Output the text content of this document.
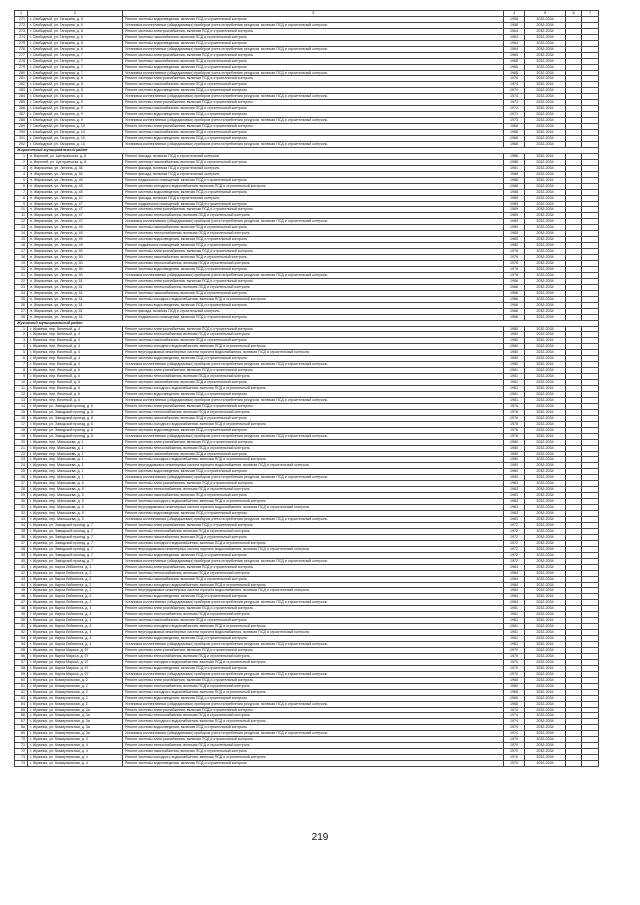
1	2	3	4	5	6	7
271	г. Свободный, ул. Гагарина, д. 5	Ремонт системы водоотведения, включая ПСД и строительный контроль	1958	2032-2034		
272	г. Свободный, ул. Гагарина, д. 5	Установка коллективных (общедомовых) приборов учета потребления ресурсов, включая ПСД и строительный контроль	1958	2032-2034		
273	г. Свободный, ул. Гагарина, д. 6	Ремонт системы электроснабжения, включая ПСД и строительный контроль	1964	2032-2034		
274	г. Свободный, ул. Гагарина, д. 6	Ремонт системы газоснабжения, включая ПСД и строительный контроль	1964	2032-2034		
275	г. Свободный, ул. Гагарина, д. 6	Ремонт системы водоотведения, включая ПСД и строительный контроль	1964	2032-2034		
276	г. Свободный, ул. Гагарина, д. 6	Установка коллективных (общедомовых) приборов учета потребления ресурсов, включая ПСД и строительный контроль	1964	2032-2034		
277	г. Свободный, ул. Гагарина, д. 7	Ремонт системы электроснабжения, включая ПСД и строительный контроль	1965	2032-2034		
278	г. Свободный, ул. Гагарина, д. 7	Ремонт системы газоснабжения, включая ПСД и строительный контроль	1965	2032-2034		
279	г. Свободный, ул. Гагарина, д. 7	Ремонт системы водоотведения, включая ПСД и строительный контроль	1965	2032-2034		
280	г. Свободный, ул. Гагарина, д. 7	Установка коллективных (общедомовых) приборов учета потребления ресурсов, включая ПСД и строительный контроль	1965	2032-2034		
281	г. Свободный, ул. Гагарина, д. 8	Ремонт системы электроснабжения, включая ПСД и строительный контроль	1974	2032-2034		
282	г. Свободный, ул. Гагарина, д. 8	Ремонт системы газоснабжения, включая ПСД и строительный контроль	1974	2032-2034		
283	г. Свободный, ул. Гагарина, д. 8	Ремонт системы водоотведения, включая ПСД и строительный контроль	1974	2032-2034		
284	г. Свободный, ул. Гагарина, д. 8	Установка коллективных (общедомовых) приборов учета потребления ресурсов, включая ПСД и строительный контроль	1974	2032-2034		
285	г. Свободный, ул. Гагарина, д. 9	Ремонт системы электроснабжения, включая ПСД и строительный контроль	1973	2032-2034		
286	г. Свободный, ул. Гагарина, д. 9	Ремонт системы газоснабжения, включая ПСД и строительный контроль	1973	2032-2034		
287	г. Свободный, ул. Гагарина, д. 9	Ремонт системы водоотведения, включая ПСД и строительный контроль	1973	2032-2034		
288	г. Свободный, ул. Гагарина, д. 9	Установка коллективных (общедомовых) приборов учета потребления ресурсов, включая ПСД и строительный контроль	1973	2032-2034		
289	г. Свободный, ул. Гагарина, д. 10	Ремонт системы электроснабжения, включая ПСД и строительный контроль	1968	2032-2034		
290	г. Свободный, ул. Гагарина, д. 10	Ремонт системы газоснабжения, включая ПСД и строительный контроль	1968	2032-2034		
291	г. Свободный, ул. Гагарина, д. 10	Ремонт системы водоотведения, включая ПСД и строительный контроль	1968	2032-2034		
292	г. Свободный, ул. Гагарина, д. 10	Установка коллективных (общедомовых) приборов учета потребления ресурсов, включая ПСД и строительный контроль	1968	2032-2034		
Жирякинский муниципальный район						
1	п. Верхний, ул. Центральная, д. 8	Ремонт фасада, включая ПСД и строительный контроль	1986	2032-2034		
2	п. Верхний, ул. Центральная, д. 8	Ремонт системы газоснабжения, включая ПСД и строительный контроль	1986	2032-2034		
3	п. Жирякинка, ул. Ленина, д. 38	Ремонт фасада, включая ПСД и строительный контроль	1981	2032-2034		
4	п. Жирякинка, ул. Ленина, д. 45	Ремонт фасада, включая ПСД и строительный контроль	1988	2032-2034		
5	п. Жирякинка, ул. Ленина, д. 45	Ремонт подвальных помещений, включая ПСД и строительный контроль	1988	2032-2034		
6	п. Жирякинка, ул. Ленина, д. 45	Ремонт системы холодного водоснабжения, включая ПСД и строительный контроль	1988	2032-2034		
7	п. Жирякинка, ул. Ленина, д. 45	Ремонт системы водоотведения, включая ПСД и строительный контроль	1988	2032-2034		
8	п. Жирякинка, ул. Ленина, д. 47	Ремонт фасада, включая ПСД и строительный контроль	1989	2032-2034		
9	п. Жирякинка, ул. Ленина, д. 47	Ремонт подвальных помещений, включая ПСД и строительный контроль	1989	2032-2034		
10	п. Жирякинка, ул. Ленина, д. 47	Ремонт системы электроснабжения, включая ПСД и строительный контроль	1989	2032-2034		
11	п. Жирякинка, ул. Ленина, д. 47	Ремонт системы теплоснабжения, включая ПСД и строительный контроль	1989	2032-2034		
12	п. Жирякинка, ул. Ленина, д. 47	Установка коллективных (общедомовых) приборов учета потребления ресурсов, включая ПСД и строительный контроль	1989	2032-2034		
13	п. Жирякинка, ул. Ленина, д. 49	Ремонт системы газоснабжения, включая ПСД и строительный контроль	1985	2032-2034		
14	п. Жирякинка, ул. Ленина, д. 49	Ремонт системы теплоснабжения, включая ПСД и строительный контроль	1985	2032-2034		
15	п. Жирякинка, ул. Ленина, д. 49	Ремонт системы водоотведения, включая ПСД и строительный контроль	1985	2032-2034		
16	п. Жирякинка, ул. Ленина, д. 49	Ремонт подвальных помещений, включая ПСД и строительный контроль	1985	2032-2034		
17	п. Жирякинка, ул. Ленина, д. 50	Ремонт системы электроснабжения, включая ПСД и строительный контроль	1978	2032-2034		
18	п. Жирякинка, ул. Ленина, д. 50	Ремонт системы газоснабжения, включая ПСД и строительный контроль	1978	2032-2034		
19	п. Жирякинка, ул. Ленина, д. 50	Ремонт системы теплоснабжения, включая ПСД и строительный контроль	1978	2032-2034		
20	п. Жирякинка, ул. Ленина, д. 50	Ремонт системы водоотведения, включая ПСД и строительный контроль	1978	2032-2034		
21	п. Жирякинка, ул. Ленина, д. 50	Установка коллективных (общедомовых) приборов учета потребления ресурсов, включая ПСД и строительный контроль	1978	2032-2034		
22	п. Жирякинка, ул. Ленина, д. 51	Ремонт системы электроснабжения, включая ПСД и строительный контроль	1986	2032-2034		
23	п. Жирякинка, ул. Ленина, д. 51	Ремонт системы теплоснабжения, включая ПСД и строительный контроль	1986	2032-2034		
24	п. Жирякинка, ул. Ленина, д. 51	Ремонт системы газоснабжения, включая ПСД и строительный контроль	1986	2032-2034		
25	п. Жирякинка, ул. Ленина, д. 51	Ремонт системы холодного водоснабжения, включая ПСД и строительный контроль	1986	2032-2034		
26	п. Жирякинка, ул. Ленина, д. 51	Ремонт системы водоотведения, включая ПСД и строительный контроль	1986	2032-2034		
27	п. Жирякинка, ул. Ленина, д. 51	Ремонт фасада, включая ПСД и строительный контроль	1986	2032-2034		
28	п. Жирякинка, ул. Ленина, д. 51	Ремонт подвальных помещений, включая ПСД и строительный контроль	1986	2032-2034		
Жукинский муниципальный район						
1	г. Жукинка, пер. Веселый, д. 4	Ремонт системы электроснабжения, включая ПСД и строительный контроль	1980	2032-2034		
2	г. Жукинка, пер. Веселый, д. 4	Ремонт системы теплоснабжения, включая ПСД и строительный контроль	1980	2032-2034		
3	г. Жукинка, пер. Веселый, д. 4	Ремонт системы газоснабжения, включая ПСД и строительный контроль	1980	2032-2034		
4	г. Жукинка, пер. Веселый, д. 4	Ремонт системы холодного водоснабжения, включая ПСД и строительный контроль	1980	2032-2034		
5	г. Жукинка, пер. Веселый, д. 4	Ремонт внутридомовых инженерных систем горячего водоснабжения, включая ПСД и строительный контроль	1980	2032-2034		
6	г. Жукинка, пер. Веселый, д. 4	Ремонт системы водоотведения, включая ПСД и строительный контроль	1980	2032-2034		
7	г. Жукинка, пер. Веселый, д. 4	Установка коллективных (общедомовых) приборов учета потребления ресурсов, включая ПСД и строительный контроль	1980	2032-2034		
8	г. Жукинка, пер. Веселый, д. 6	Ремонт системы электроснабжения, включая ПСД и строительный контроль	1981	2032-2034		
9	г. Жукинка, пер. Веселый, д. 6	Ремонт системы теплоснабжения, включая ПСД и строительный контроль	1981	2032-2034		
10	г. Жукинка, пер. Веселый, д. 6	Ремонт системы газоснабжения, включая ПСД и строительный контроль	1981	2032-2034		
11	г. Жукинка, пер. Веселый, д. 6	Ремонт системы холодного водоснабжения, включая ПСД и строительный контроль	1981	2032-2034		
12	г. Жукинка, пер. Веселый, д. 6	Ремонт системы водоотведения, включая ПСД и строительный контроль	1981	2032-2034		
13	г. Жукинка, пер. Веселый, д. 6	Установка коллективных (общедомовых) приборов учета потребления ресурсов, включая ПСД и строительный контроль	1981	2032-2034		
14	г. Жукинка, ул. Заводской проезд, д. 6	Ремонт системы электроснабжения, включая ПСД и строительный контроль	1976	2032-2034		
15	г. Жукинка, ул. Заводской проезд, д. 6	Ремонт системы теплоснабжения, включая ПСД и строительный контроль	1976	2032-2034		
16	г. Жукинка, ул. Заводской проезд, д. 6	Ремонт системы газоснабжения, включая ПСД и строительный контроль	1976	2032-2034		
17	г. Жукинка, ул. Заводской проезд, д. 6	Ремонт системы холодного водоснабжения, включая ПСД и строительный контроль	1976	2032-2034		
18	г. Жукинка, ул. Заводской проезд, д. 6	Ремонт системы водоотведения, включая ПСД и строительный контроль	1976	2032-2034		
19	г. Жукинка, ул. Заводской проезд, д. 6	Установка коллективных (общедомовых) приборов учета потребления ресурсов, включая ПСД и строительный контроль	1976	2032-2034		
20	г. Жукинка, пер. Малышева, д. 1	Ремонт системы электроснабжения, включая ПСД и строительный контроль	1980	2032-2034		
21	г. Жукинка, пер. Малышева, д. 1	Ремонт системы теплоснабжения, включая ПСД и строительный контроль	1980	2032-2034		
22	г. Жукинка, пер. Малышева, д. 1	Ремонт системы газоснабжения, включая ПСД и строительный контроль	1980	2032-2034		
23	г. Жукинка, пер. Малышева, д. 1	Ремонт системы холодного водоснабжения, включая ПСД и строительный контроль	1980	2032-2034		
24	г. Жукинка, пер. Малышева, д. 1	Ремонт внутридомовых инженерных систем горячего водоснабжения, включая ПСД и строительный контроль	1980	2032-2034		
25	г. Жукинка, пер. Малышева, д. 1	Ремонт системы водоотведения, включая ПСД и строительный контроль	1980	2032-2034		
26	г. Жукинка, пер. Малышева, д. 1	Установка коллективных (общедомовых) приборов учета потребления ресурсов, включая ПСД и строительный контроль	1980	2032-2034		
27	г. Жукинка, пер. Малышева, д. 5	Ремонт системы электроснабжения, включая ПСД и строительный контроль	1983	2032-2034		
28	г. Жукинка, пер. Малышева, д. 5	Ремонт системы теплоснабжения, включая ПСД и строительный контроль	1983	2032-2034		
29	г. Жукинка, пер. Малышева, д. 5	Ремонт системы газоснабжения, включая ПСД и строительный контроль	1983	2032-2034		
30	г. Жукинка, пер. Малышева, д. 5	Ремонт системы холодного водоснабжения, включая ПСД и строительный контроль	1983	2032-2034		
31	г. Жукинка, пер. Малышева, д. 5	Ремонт внутридомовых инженерных систем горячего водоснабжения, включая ПСД и строительный контроль	1983	2032-2034		
32	г. Жукинка, пер. Малышева, д. 5	Ремонт системы водоотведения, включая ПСД и строительный контроль	1983	2032-2034		
33	г. Жукинка, пер. Малышева, д. 5	Установка коллективных (общедомовых) приборов учета потребления ресурсов, включая ПСД и строительный контроль	1983	2032-2034		
34	г. Жукинка, ул. Заводской проезд, д. 7	Ремонт системы электроснабжения, включая ПСД и строительный контроль	1972	2032-2034		
35	г. Жукинка, ул. Заводской проезд, д. 7	Ремонт системы теплоснабжения, включая ПСД и строительный контроль	1972	2032-2034		
36	г. Жукинка, ул. Заводской проезд, д. 7	Ремонт системы газоснабжения, включая ПСД и строительный контроль	1972	2032-2034		
37	г. Жукинка, ул. Заводской проезд, д. 7	Ремонт системы холодного водоснабжения, включая ПСД и строительный контроль	1972	2032-2034		
38	г. Жукинка, ул. Заводской проезд, д. 7	Ремонт внутридомовых инженерных систем горячего водоснабжения, включая ПСД и строительный контроль	1972	2032-2034		
39	г. Жукинка, ул. Заводской проезд, д. 7	Ремонт системы водоотведения, включая ПСД и строительный контроль	1972	2032-2034		
40	г. Жукинка, ул. Заводской проезд, д. 7	Установка коллективных (общедомовых) приборов учета потребления ресурсов, включая ПСД и строительный контроль	1972	2032-2034		
41	г. Жукинка, ул. Карла Либкнехта, д. 2	Ремонт системы электроснабжения, включая ПСД и строительный контроль	1984	2032-2034		
42	г. Жукинка, ул. Карла Либкнехта, д. 2	Ремонт системы теплоснабжения, включая ПСД и строительный контроль	1984	2032-2034		
43	г. Жукинка, ул. Карла Либкнехта, д. 2	Ремонт системы газоснабжения, включая ПСД и строительный контроль	1984	2032-2034		
44	г. Жукинка, ул. Карла Либкнехта, д. 2	Ремонт системы холодного водоснабжения, включая ПСД и строительный контроль	1984	2032-2034		
45	г. Жукинка, ул. Карла Либкнехта, д. 2	Ремонт внутридомовых инженерных систем горячего водоснабжения, включая ПСД и строительный контроль	1984	2032-2034		
46	г. Жукинка, ул. Карла Либкнехта, д. 2	Ремонт системы водоотведения, включая ПСД и строительный контроль	1984	2032-2034		
47	г. Жукинка, ул. Карла Либкнехта, д. 2	Установка коллективных (общедомовых) приборов учета потребления ресурсов, включая ПСД и строительный контроль	1984	2032-2034		
48	г. Жукинка, ул. Карла Либкнехта, д. 4	Ремонт системы электроснабжения, включая ПСД и строительный контроль	1981	2032-2034		
49	г. Жукинка, ул. Карла Либкнехта, д. 4	Ремонт системы теплоснабжения, включая ПСД и строительный контроль	1981	2032-2034		
50	г. Жукинка, ул. Карла Либкнехта, д. 4	Ремонт системы газоснабжения, включая ПСД и строительный контроль	1981	2032-2034		
51	г. Жукинка, ул. Карла Либкнехта, д. 4	Ремонт системы холодного водоснабжения, включая ПСД и строительный контроль	1981	2032-2034		
52	г. Жукинка, ул. Карла Либкнехта, д. 4	Ремонт внутридомовых инженерных систем горячего водоснабжения, включая ПСД и строительный контроль	1981	2032-2034		
53	г. Жукинка, ул. Карла Либкнехта, д. 4	Ремонт системы водоотведения, включая ПСД и строительный контроль	1981	2032-2034		
54	г. Жукинка, ул. Карла Либкнехта, д. 4	Установка коллективных (общедомовых) приборов учета потребления ресурсов, включая ПСД и строительный контроль	1981	2032-2034		
55	г. Жукинка, ул. Карла Маркса, д. 97	Ремонт системы электроснабжения, включая ПСД и строительный контроль	1970	2032-2034		
56	г. Жукинка, ул. Карла Маркса, д. 97	Ремонт системы теплоснабжения, включая ПСД и строительный контроль	1970	2032-2034		
57	г. Жукинка, ул. Карла Маркса, д. 97	Ремонт системы холодного водоснабжения, включая ПСД и строительный контроль	1970	2032-2034		
58	г. Жукинка, ул. Карла Маркса, д. 97	Ремонт системы водоотведения, включая ПСД и строительный контроль	1970	2032-2034		
59	г. Жукинка, ул. Карла Маркса, д. 97	Установка коллективных (общедомовых) приборов учета потребления ресурсов, включая ПСД и строительный контроль	1970	2032-2034		
60	г. Жукинка, ул. Коммунальная, д. 2	Ремонт системы электроснабжения, включая ПСД и строительный контроль	1965	2032-2034		
61	г. Жукинка, ул. Коммунальная, д. 2	Ремонт системы теплоснабжения, включая ПСД и строительный контроль	1965	2032-2034		
62	г. Жукинка, ул. Коммунальная, д. 2	Ремонт системы холодного водоснабжения, включая ПСД и строительный контроль	1965	2032-2034		
63	г. Жукинка, ул. Коммунальная, д. 2	Ремонт системы водоотведения, включая ПСД и строительный контроль	1965	2032-2034		
64	г. Жукинка, ул. Коммунальная, д. 2	Установка коллективных (общедомовых) приборов учета потребления ресурсов, включая ПСД и строительный контроль	1965	2032-2034		
65	г. Жукинка, ул. Коммунальная, д. 3а	Ремонт системы электроснабжения, включая ПСД и строительный контроль	1974	2032-2034		
66	г. Жукинка, ул. Коммунальная, д. 3а	Ремонт системы теплоснабжения, включая ПСД и строительный контроль	1974	2032-2034		
67	г. Жукинка, ул. Коммунальная, д. 3а	Ремонт системы холодного водоснабжения, включая ПСД и строительный контроль	1974	2032-2034		
68	г. Жукинка, ул. Коммунальная, д. 3а	Ремонт системы водоотведения, включая ПСД и строительный контроль	1974	2032-2034		
69	г. Жукинка, ул. Коммунальная, д. 3а	Установка коллективных (общедомовых) приборов учета потребления ресурсов, включая ПСД и строительный контроль	1974	2032-2034		
70	г. Жукинка, ул. Коммунальная, д. 4	Ремонт системы электроснабжения, включая ПСД и строительный контроль	1970	2032-2034		
71	г. Жукинка, ул. Коммунальная, д. 4	Ремонт системы теплоснабжения, включая ПСД и строительный контроль	1970	2032-2034		
72	г. Жукинка, ул. Коммунальная, д. 4	Ремонт системы газоснабжения, включая ПСД и строительный контроль	1970	2032-2034		
73	г. Жукинка, ул. Коммунальная, д. 4	Ремонт системы холодного водоснабжения, включая ПСД и строительный контроль	1970	2032-2034		
74	г. Жукинка, ул. Коммунальная, д. 4	Ремонт системы водоотведения, включая ПСД и строительный контроль	1970	2032-2034		
219
